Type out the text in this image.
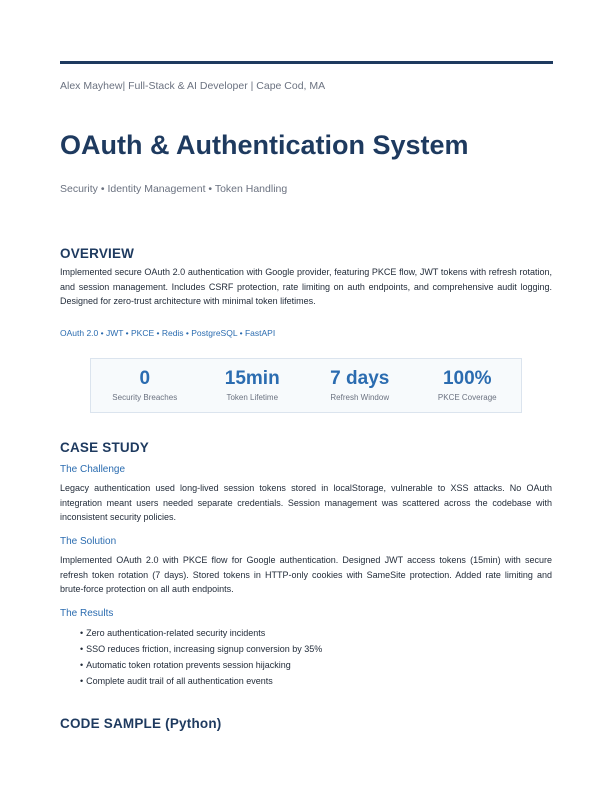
Alex Mayhew| Full-Stack & AI Developer | Cape Cod, MA
OAuth & Authentication System
Security • Identity Management • Token Handling
OVERVIEW

Implemented secure OAuth 2.0 authentication with Google provider, featuring PKCE flow, JWT tokens with refresh rotation, and session management. Includes CSRF protection, rate limiting on auth endpoints, and comprehensive audit logging. Designed for zero-trust architecture with minimal token lifetimes.

OAuth 2.0 • JWT • PKCE • Redis • PostgreSQL • FastAPI
0
Security Breaches
15min
Token Lifetime
7 days
Refresh Window
100%
PKCE Coverage
CASE STUDY
The Challenge

Legacy authentication used long-lived session tokens stored in localStorage, vulnerable to XSS attacks. No OAuth integration meant users needed separate credentials. Session management was scattered across the codebase with inconsistent security policies.

The Solution

Implemented OAuth 2.0 with PKCE flow for Google authentication. Designed JWT access tokens (15min) with secure refresh token rotation (7 days). Stored tokens in HTTP-only cookies with SameSite protection. Added rate limiting and brute-force protection on all auth endpoints.

The Results
• Zero authentication-related security incidents
• SSO reduces friction, increasing signup conversion by 35%
• Automatic token rotation prevents session hijacking
• Complete audit trail of all authentication events
CODE SAMPLE (Python)
